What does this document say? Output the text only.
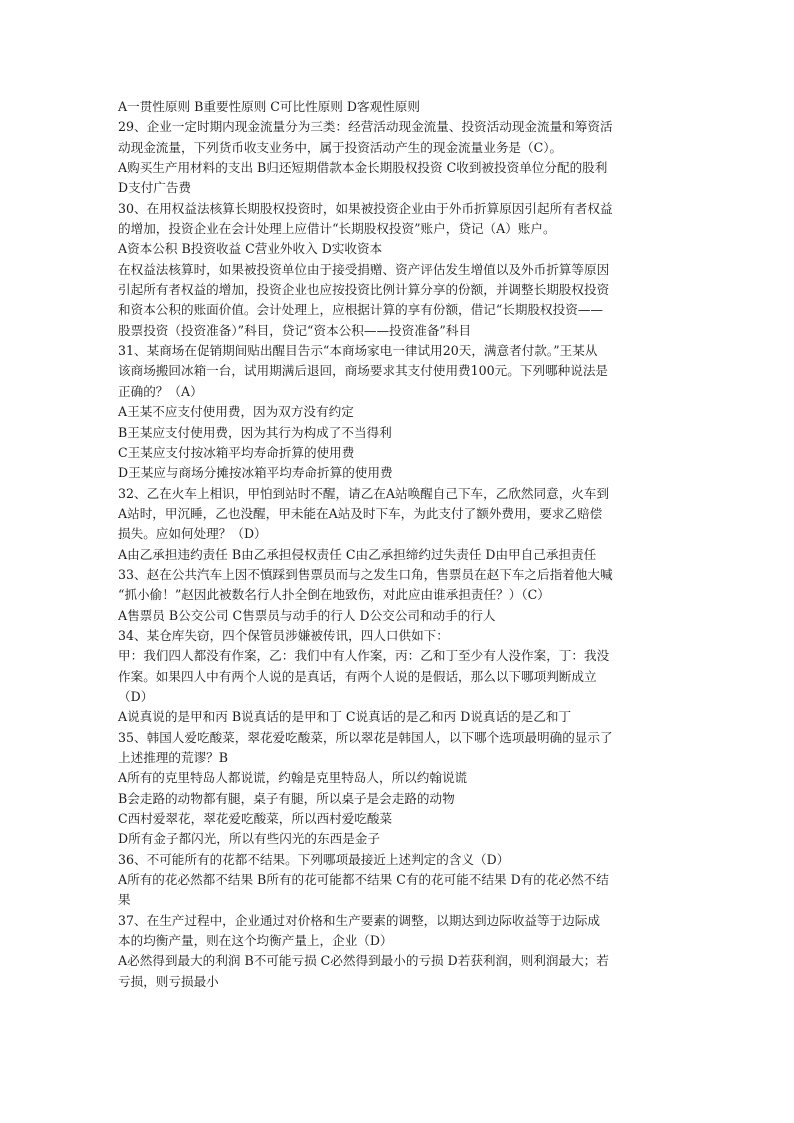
A一贯性原则 B重要性原则 C可比性原则 D客观性原则
29、企业一定时期内现金流量分为三类：经营活动现金流量、投资活动现金流量和筹资活
动现金流量，下列货币收支业务中，属于投资活动产生的现金流量业务是（C）。
A购买生产用材料的支出 B归还短期借款本金长期股权投资 C收到被投资单位分配的股利
D支付广告费
30、在用权益法核算长期股权投资时，如果被投资企业由于外币折算原因引起所有者权益
的增加，投资企业在会计处理上应借计“长期股权投资”账户，贷记（A）账户。
A资本公积 B投资收益 C营业外收入 D实收资本
在权益法核算时，如果被投资单位由于接受捐赠、资产评估发生增值以及外币折算等原因
引起所有者权益的增加，投资企业也应按投资比例计算分享的份额，并调整长期股权投资
和资本公积的账面价值。会计处理上，应根据计算的享有份额，借记“长期股权投资——
股票投资（投资准备）”科目，贷记“资本公积——投资准备”科目
31、某商场在促销期间贴出醒目告示“本商场家电一律试用20天，满意者付款。”王某从
该商场搬回冰箱一台，试用期满后退回，商场要求其支付使用费100元。下列哪种说法是
正确的？（A）
A王某不应支付使用费，因为双方没有约定
B王某应支付使用费，因为其行为构成了不当得利
C王某应支付按冰箱平均寿命折算的使用费
D王某应与商场分摊按冰箱平均寿命折算的使用费
32、乙在火车上相识，甲怕到站时不醒，请乙在A站唤醒自己下车，乙欣然同意，火车到
A站时，甲沉睡，乙也没醒，甲未能在A站及时下车，为此支付了额外费用，要求乙赔偿
损失。应如何处理？（D）
A由乙承担违约责任 B由乙承担侵权责任 C由乙承担缔约过失责任 D由甲自己承担责任
33、赵在公共汽车上因不慎踩到售票员而与之发生口角，售票员在赵下车之后指着他大喊
“抓小偷！”赵因此被数名行人扑全倒在地致伤，对此应由谁承担责任？）（C）
A售票员 B公交公司 C售票员与动手的行人 D公交公司和动手的行人
34、某仓库失窃，四个保管员涉嫌被传讯，四人口供如下：
甲：我们四人都没有作案，乙：我们中有人作案，丙：乙和丁至少有人没作案，丁：我没
作案。如果四人中有两个人说的是真话，有两个人说的是假话，那么以下哪项判断成立
（D）
A说真说的是甲和丙 B说真话的是甲和丁 C说真话的是乙和丙 D说真话的是乙和丁
35、韩国人爱吃酸菜，翠花爱吃酸菜，所以翠花是韩国人，以下哪个选项最明确的显示了
上述推理的荒谬？B
A所有的克里特岛人都说谎，约翰是克里特岛人，所以约翰说谎
B会走路的动物都有腿，桌子有腿，所以桌子是会走路的动物
C西村爱翠花，翠花爱吃酸菜，所以西村爱吃酸菜
D所有金子都闪光，所以有些闪光的东西是金子
36、不可能所有的花都不结果。下列哪项最接近上述判定的含义（D）
A所有的花必然都不结果 B所有的花可能都不结果 C有的花可能不结果 D有的花必然不结
果
37、在生产过程中，企业通过对价格和生产要素的调整，以期达到边际收益等于边际成
本的均衡产量，则在这个均衡产量上，企业（D）
A必然得到最大的利润 B不可能亏损 C必然得到最小的亏损 D若获利润，则利润最大；若
亏损，则亏损最小
